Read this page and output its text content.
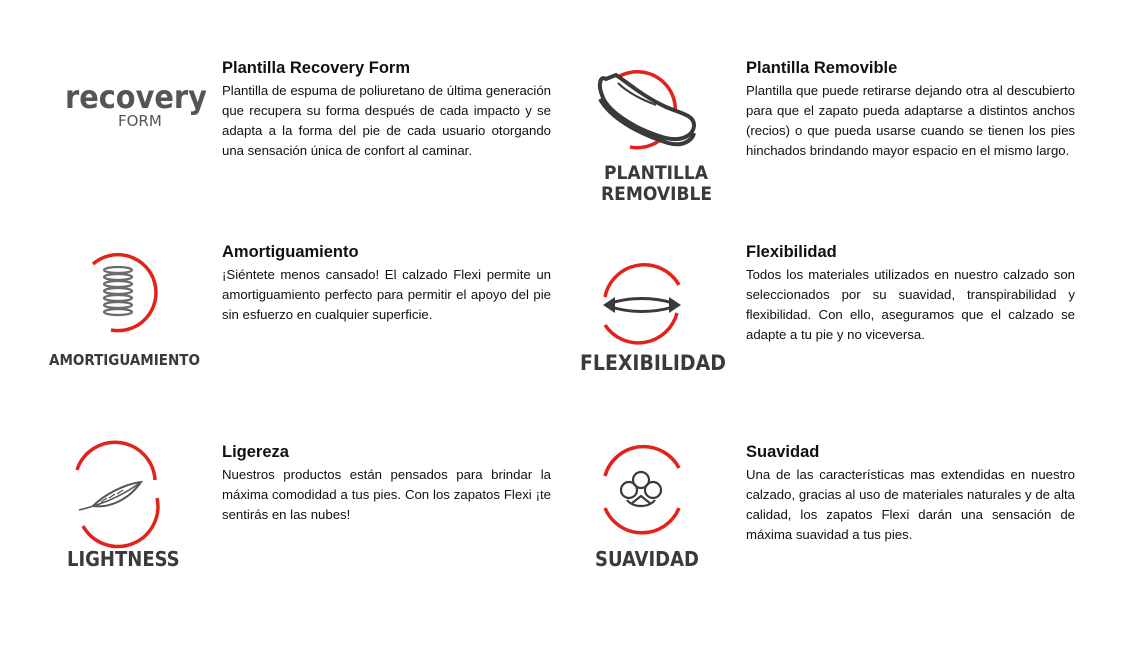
recovery
FORM
Plantilla Recovery Form

Plantilla de espuma de poliuretano de última generación que recupera su forma después de cada impacto y se adapta a la forma del pie de cada usuario otorgando una sensación única de confort al caminar.

PLANTILLA
REMOVIBLE
Plantilla Removible

Plantilla que puede retirarse dejando otra al descubierto para que el zapato pueda adaptarse a distintos anchos (recios) o que pueda usarse cuando se tienen los pies hinchados brindando mayor espacio en el mismo largo.

AMORTIGUAMIENTO
Amortiguamiento

¡Siéntete menos cansado! El calzado Flexi permite un amortiguamiento perfecto para permitir el apoyo del pie sin esfuerzo en cualquier superficie.

FLEXIBILIDAD
Flexibilidad

Todos los materiales utilizados en nuestro calzado son seleccionados por su suavidad, transpirabilidad y flexibilidad. Con ello, aseguramos que el calzado se adapte a tu pie y no viceversa.

LIGHTNESS
Ligereza

Nuestros productos están pensados para brindar la máxima comodidad a tus pies. Con los zapatos Flexi ¡te sentirás en las nubes!

SUAVIDAD
Suavidad

Una de las características mas extendidas en nuestro calzado, gracias al uso de materiales naturales y de alta calidad, los zapatos Flexi darán una sensación de máxima suavidad a tus pies.
